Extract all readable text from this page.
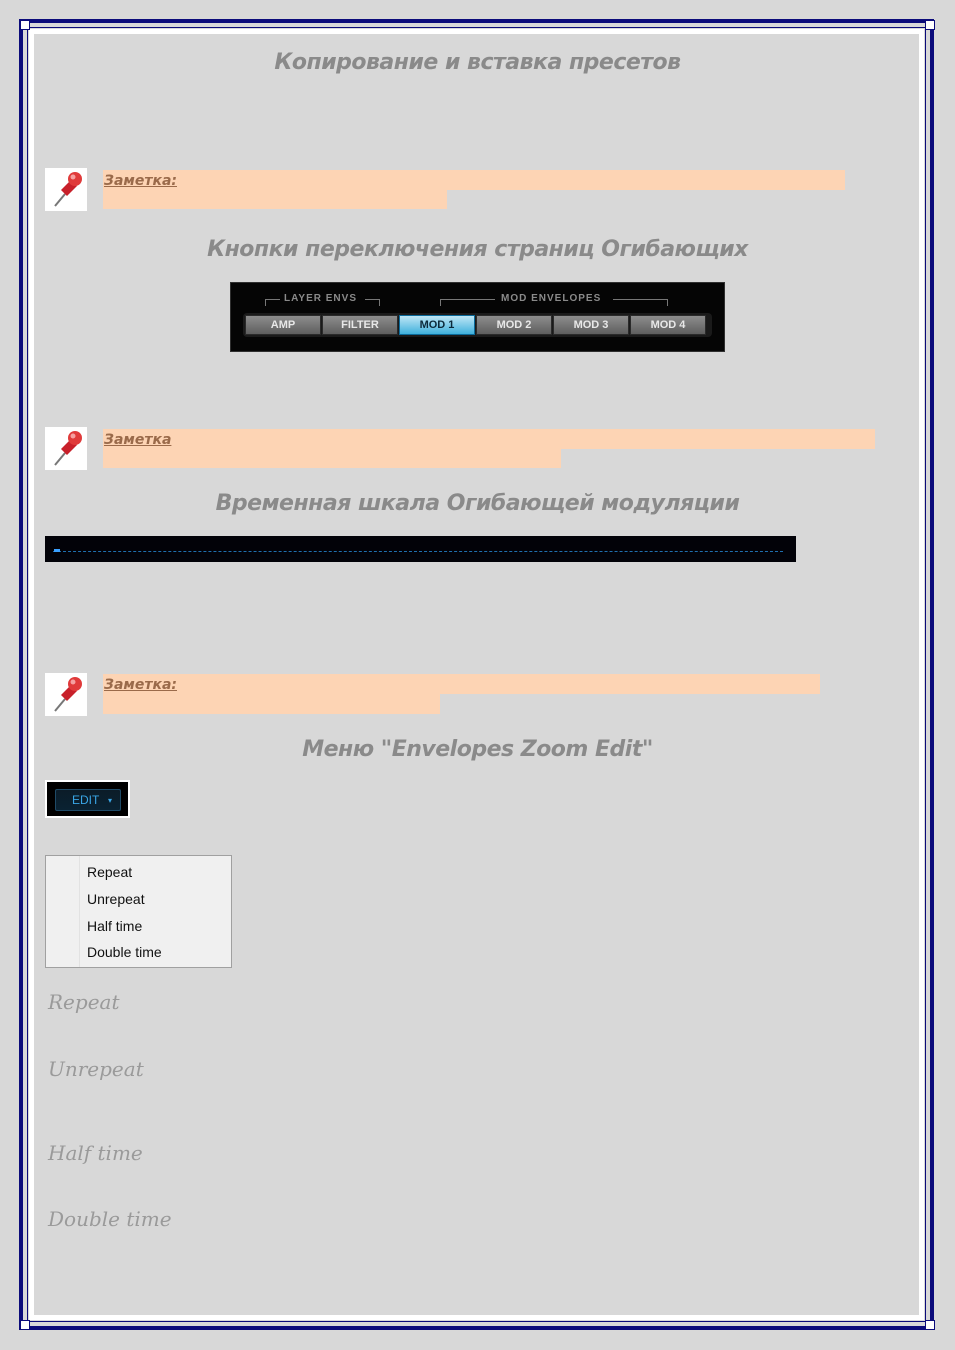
Копирование и вставка пресетов
Заметка:
Кнопки переключения страниц Огибающих
LAYER ENVS	MOD ENVELOPES
AMP	FILTER	MOD 1	MOD 2	MOD 3	MOD 4
Заметка
Временная шкала Огибающей модуляции
Заметка:
Меню "Envelopes Zoom Edit"
EDIT ▾
Repeat
Unrepeat
Half time
Double time
Repeat
Unrepeat
Half time
Double time
